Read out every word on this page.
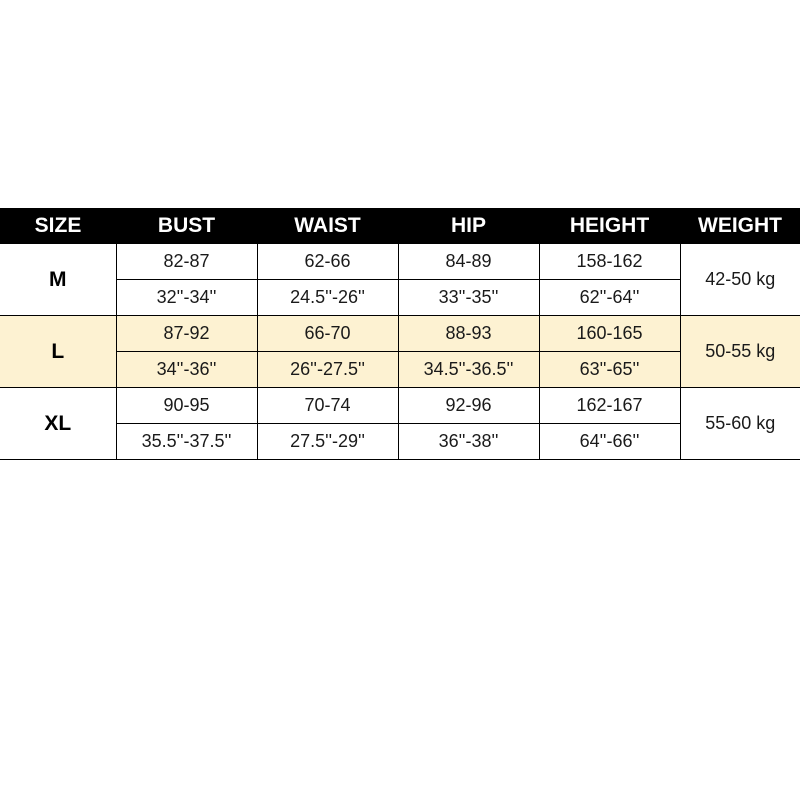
SIZE	BUST	WAIST	HIP	HEIGHT	WEIGHT
M	82-87	62-66	84-89	158-162	42-50 kg
	32''-34''	24.5''-26''	33''-35''	62''-64''	
L	87-92	66-70	88-93	160-165	50-55 kg
	34''-36''	26''-27.5''	34.5''-36.5''	63''-65''	
XL	90-95	70-74	92-96	162-167	55-60 kg
	35.5''-37.5''	27.5''-29''	36''-38''	64''-66''	
